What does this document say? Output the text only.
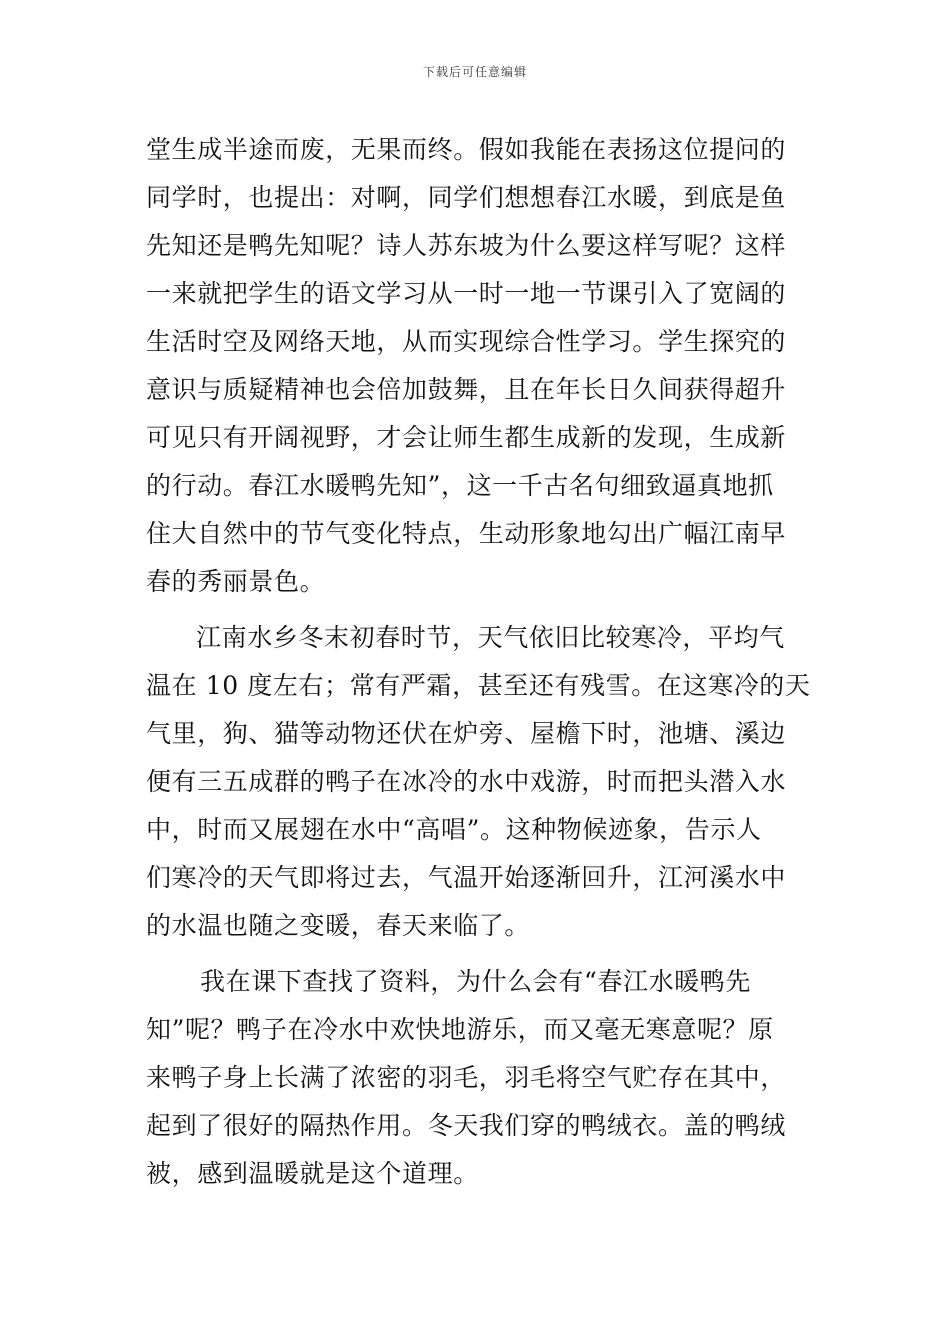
下载后可任意编辑
堂生成半途而废，无果而终。假如我能在表扬这位提问的
同学时，也提出：对啊，同学们想想春江水暖，到底是鱼
先知还是鸭先知呢？诗人苏东坡为什么要这样写呢？这样
一来就把学生的语文学习从一时一地一节课引入了宽阔的
生活时空及网络天地，从而实现综合性学习。学生探究的
意识与质疑精神也会倍加鼓舞，且在年长日久间获得超升
可见只有开阔视野，才会让师生都生成新的发现，生成新
的行动。春江水暖鸭先知”，这一千古名句细致逼真地抓
住大自然中的节气变化特点，生动形象地勾出广幅江南早
春的秀丽景色。
江南水乡冬末初春时节，天气依旧比较寒冷，平均气
温在 10 度左右；常有严霜，甚至还有残雪。在这寒冷的天
气里，狗、猫等动物还伏在炉旁、屋檐下时，池塘、溪边
便有三五成群的鸭子在冰冷的水中戏游，时而把头潜入水
中，时而又展翅在水中“高唱”。这种物候迹象，告示人
们寒冷的天气即将过去，气温开始逐渐回升，江河溪水中
的水温也随之变暖，春天来临了。
我在课下查找了资料，为什么会有“春江水暖鸭先
知”呢？鸭子在冷水中欢快地游乐，而又毫无寒意呢？原
来鸭子身上长满了浓密的羽毛，羽毛将空气贮存在其中，
起到了很好的隔热作用。冬天我们穿的鸭绒衣。盖的鸭绒
被，感到温暖就是这个道理。
